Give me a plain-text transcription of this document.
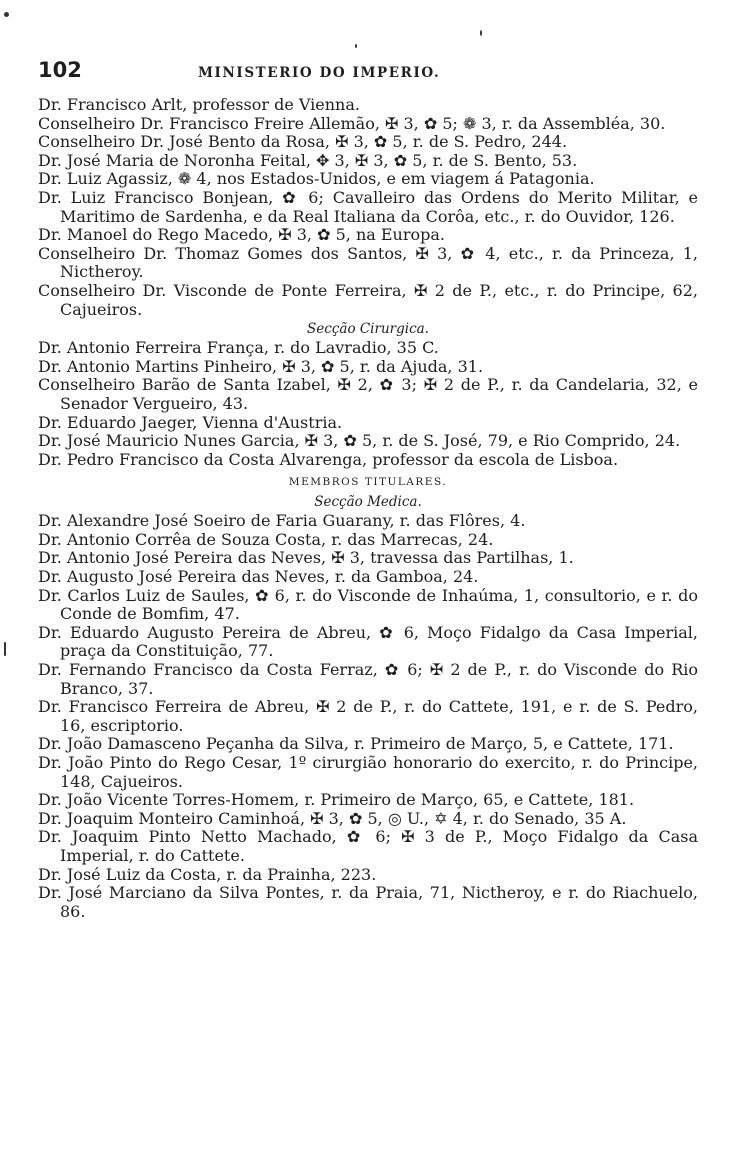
102	MINISTERIO DO IMPERIO.

Dr. Francisco Arlt, professor de Vienna.

Conselheiro Dr. Francisco Freire Allemão, ✠ 3, ✿ 5; ❁ 3, r. da Assembléa, 30.

Conselheiro Dr. José Bento da Rosa, ✠ 3, ✿ 5, r. de S. Pedro, 244.

Dr. José Maria de Noronha Feital, ✥ 3, ✠ 3, ✿ 5, r. de S. Bento, 53.

Dr. Luiz Agassiz, ❁ 4, nos Estados-Unidos, e em viagem á Patagonia.

Dr. Luiz Francisco Bonjean, ✿ 6; Cavalleiro das Ordens do Merito Militar, e Maritimo de Sardenha, e da Real Italiana da Corôa, etc., r. do Ouvidor, 126.

Dr. Manoel do Rego Macedo, ✠ 3, ✿ 5, na Europa.

Conselheiro Dr. Thomaz Gomes dos Santos, ✠ 3, ✿ 4, etc., r. da Princeza, 1, Nictheroy.

Conselheiro Dr. Visconde de Ponte Ferreira, ✠ 2 de P., etc., r. do Principe, 62, Cajueiros.

Secção Cirurgica.

Dr. Antonio Ferreira França, r. do Lavradio, 35 C.

Dr. Antonio Martins Pinheiro, ✠ 3, ✿ 5, r. da Ajuda, 31.

Conselheiro Barão de Santa Izabel, ✠ 2, ✿ 3; ✠ 2 de P., r. da Candelaria, 32, e Senador Vergueiro, 43.

Dr. Eduardo Jaeger, Vienna d'Austria.

Dr. José Mauricio Nunes Garcia, ✠ 3, ✿ 5, r. de S. José, 79, e Rio Comprido, 24.

Dr. Pedro Francisco da Costa Alvarenga, professor da escola de Lisboa.

MEMBROS TITULARES.

Secção Medica.

Dr. Alexandre José Soeiro de Faria Guarany, r. das Flôres, 4.

Dr. Antonio Corrêa de Souza Costa, r. das Marrecas, 24.

Dr. Antonio José Pereira das Neves, ✠ 3, travessa das Partilhas, 1.

Dr. Augusto José Pereira das Neves, r. da Gamboa, 24.

Dr. Carlos Luiz de Saules, ✿ 6, r. do Visconde de Inhaúma, 1, consultorio, e r. do Conde de Bomfim, 47.

Dr. Eduardo Augusto Pereira de Abreu, ✿ 6, Moço Fidalgo da Casa Imperial, praça da Constituição, 77.

Dr. Fernando Francisco da Costa Ferraz, ✿ 6; ✠ 2 de P., r. do Visconde do Rio Branco, 37.

Dr. Francisco Ferreira de Abreu, ✠ 2 de P., r. do Cattete, 191, e r. de S. Pedro, 16, escriptorio.

Dr. João Damasceno Peçanha da Silva, r. Primeiro de Março, 5, e Cattete, 171.

Dr. João Pinto do Rego Cesar, 1º cirurgião honorario do exercito, r. do Principe, 148, Cajueiros.

Dr. João Vicente Torres-Homem, r. Primeiro de Março, 65, e Cattete, 181.

Dr. Joaquim Monteiro Caminhoá, ✠ 3, ✿ 5, ◎ U., ✡ 4, r. do Senado, 35 A.

Dr. Joaquim Pinto Netto Machado, ✿ 6; ✠ 3 de P., Moço Fidalgo da Casa Imperial, r. do Cattete.

Dr. José Luiz da Costa, r. da Prainha, 223.

Dr. José Marciano da Silva Pontes, r. da Praia, 71, Nictheroy, e r. do Riachuelo, 86.
